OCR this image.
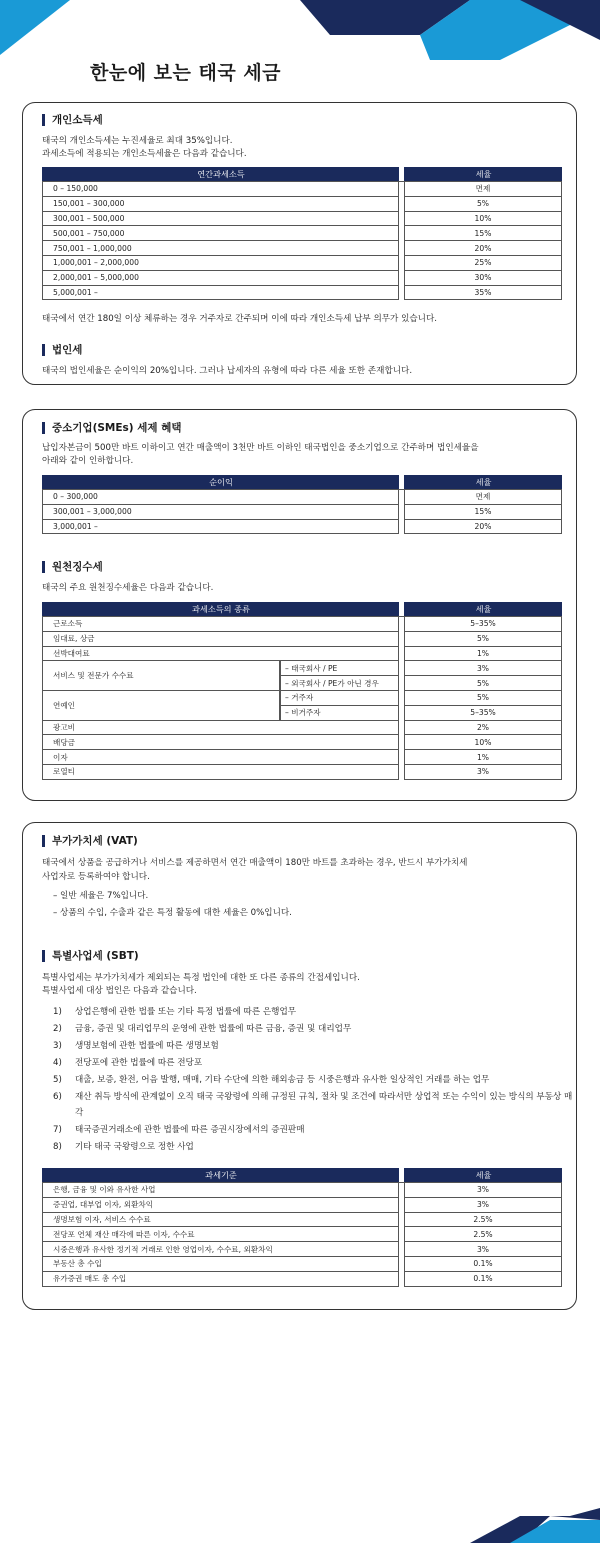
한눈에 보는 태국 세금
개인소득세
태국의 개인소득세는 누진세율로 최대 35%입니다.
과세소득에 적용되는 개인소득세율은 다음과 같습니다.
연간과세소득		세율
0 – 150,000		면제
150,001 – 300,000		5%
300,001 – 500,000		10%
500,001 – 750,000		15%
750,001 – 1,000,000		20%
1,000,001 – 2,000,000		25%
2,000,001 – 5,000,000		30%
5,000,001 –		35%
태국에서 연간 180일 이상 체류하는 경우 거주자로 간주되며 이에 따라 개인소득세 납부 의무가 있습니다.
법인세
태국의 법인세율은 순이익의 20%입니다. 그러나 납세자의 유형에 따라 다른 세율 또한 존재합니다.
중소기업(SMEs) 세제 혜택
납입자본금이 500만 바트 이하이고 연간 매출액이 3천만 바트 이하인 태국법인을 중소기업으로 간주하며 법인세율을
아래와 같이 인하합니다.
순이익		세율
0 – 300,000		면제
300,001 – 3,000,000		15%
3,000,001 –		20%
원천징수세
태국의 주요 원천징수세율은 다음과 같습니다.
과세소득의 종류			세율
근로소득			5–35%
임대료, 상금			5%
선박대여료			1%
서비스 및 전문가 수수료	– 태국회사 / PE		3%
	– 외국회사 / PE가 아닌 경우		5%
연예인	– 거주자		5%
	– 비거주자		5–35%
광고비			2%
배당금			10%
이자			1%
로열티			3%
부가가치세 (VAT)
태국에서 상품을 공급하거나 서비스를 제공하면서 연간 매출액이 180만 바트를 초과하는 경우, 반드시 부가가치세
사업자로 등록하여야 합니다.
– 일반 세율은 7%입니다.
– 상품의 수입, 수출과 같은 특정 활동에 대한 세율은 0%입니다.
특별사업세 (SBT)
특별사업세는 부가가치세가 제외되는 특정 법인에 대한 또 다른 종류의 간접세입니다.
특별사업세 대상 법인은 다음과 같습니다.
1) 상업은행에 관한 법률 또는 기타 특정 법률에 따른 은행업무
2) 금융, 증권 및 대리업무의 운영에 관한 법률에 따른 금융, 증권 및 대리업무
3) 생명보험에 관한 법률에 따른 생명보험
4) 전당포에 관한 법률에 따른 전당포
5) 대출, 보증, 환전, 어음 발행, 매매, 기타 수단에 의한 해외송금 등 시중은행과 유사한 일상적인 거래를 하는 업무
6) 재산 취득 방식에 관계없이 오직 태국 국왕령에 의해 규정된 규칙, 절차 및 조건에 따라서만 상업적 또는 수익이 있는 방식의 부동상 매각
7) 태국증권거래소에 관한 법률에 따른 증권시장에서의 증권판매
8) 기타 태국 국왕령으로 정한 사업
과세기준		세율
은행, 금융 및 이와 유사한 사업		3%
증권업, 대부업 이자, 외환차익		3%
생명보험 이자, 서비스 수수료		2.5%
전당포 연체 재산 매각에 따른 이자, 수수료		2.5%
시중은행과 유사한 정기적 거래로 인한 영업이자, 수수료, 외환차익		3%
부동산 총 수입		0.1%
유가증권 매도 총 수입		0.1%
